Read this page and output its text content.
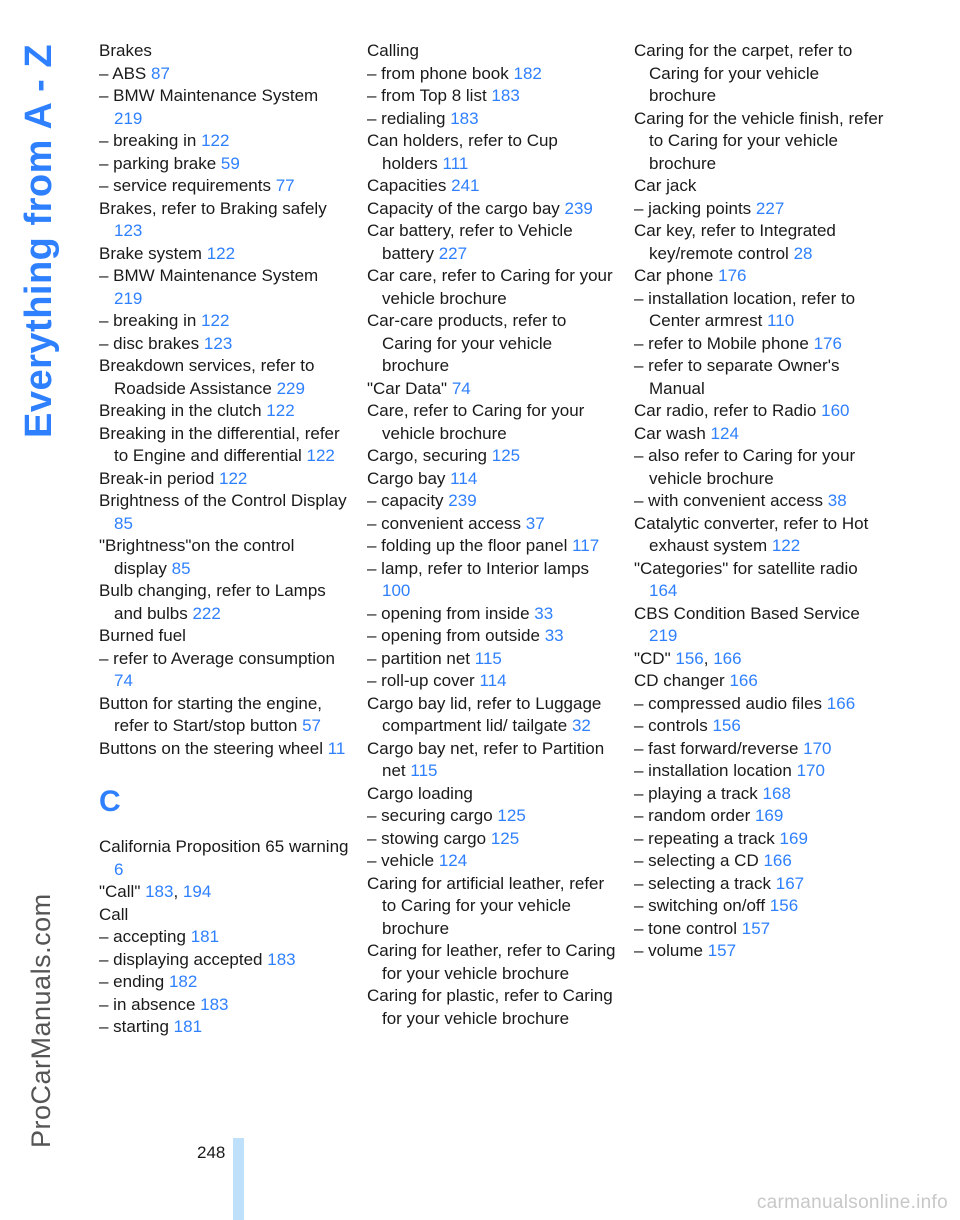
Everything from A - Z
ProCarManuals.com
Brakes
– ABS 87
– BMW Maintenance System 219
– breaking in 122
– parking brake 59
– service requirements 77
Brakes, refer to Braking safely 123
Brake system 122
– BMW Maintenance System 219
– breaking in 122
– disc brakes 123
Breakdown services, refer to Roadside Assistance 229
Breaking in the clutch 122
Breaking in the differential, refer to Engine and differential 122
Break-in period 122
Brightness of the Control Display 85
"Brightness"on the control display 85
Bulb changing, refer to Lamps and bulbs 222
Burned fuel
– refer to Average consumption 74
Button for starting the engine, refer to Start/stop button 57
Buttons on the steering wheel 11
C
California Proposition 65 warning 6
"Call" 183, 194
Call
– accepting 181
– displaying accepted 183
– ending 182
– in absence 183
– starting 181
Calling
– from phone book 182
– from Top 8 list 183
– redialing 183
Can holders, refer to Cup holders 111
Capacities 241
Capacity of the cargo bay 239
Car battery, refer to Vehicle battery 227
Car care, refer to Caring for your vehicle brochure
Car-care products, refer to Caring for your vehicle brochure
"Car Data" 74
Care, refer to Caring for your vehicle brochure
Cargo, securing 125
Cargo bay 114
– capacity 239
– convenient access 37
– folding up the floor panel 117
– lamp, refer to Interior lamps 100
– opening from inside 33
– opening from outside 33
– partition net 115
– roll-up cover 114
Cargo bay lid, refer to Luggage compartment lid/ tailgate 32
Cargo bay net, refer to Partition net 115
Cargo loading
– securing cargo 125
– stowing cargo 125
– vehicle 124
Caring for artificial leather, refer to Caring for your vehicle brochure
Caring for leather, refer to Caring for your vehicle brochure
Caring for plastic, refer to Caring for your vehicle brochure
Caring for the carpet, refer to Caring for your vehicle brochure
Caring for the vehicle finish, refer to Caring for your vehicle brochure
Car jack
– jacking points 227
Car key, refer to Integrated key/remote control 28
Car phone 176
– installation location, refer to Center armrest 110
– refer to Mobile phone 176
– refer to separate Owner's Manual
Car radio, refer to Radio 160
Car wash 124
– also refer to Caring for your vehicle brochure
– with convenient access 38
Catalytic converter, refer to Hot exhaust system 122
"Categories" for satellite radio 164
CBS Condition Based Service 219
"CD" 156, 166
CD changer 166
– compressed audio files 166
– controls 156
– fast forward/reverse 170
– installation location 170
– playing a track 168
– random order 169
– repeating a track 169
– selecting a CD 166
– selecting a track 167
– switching on/off 156
– tone control 157
– volume 157
248
carmanualsonline.info
